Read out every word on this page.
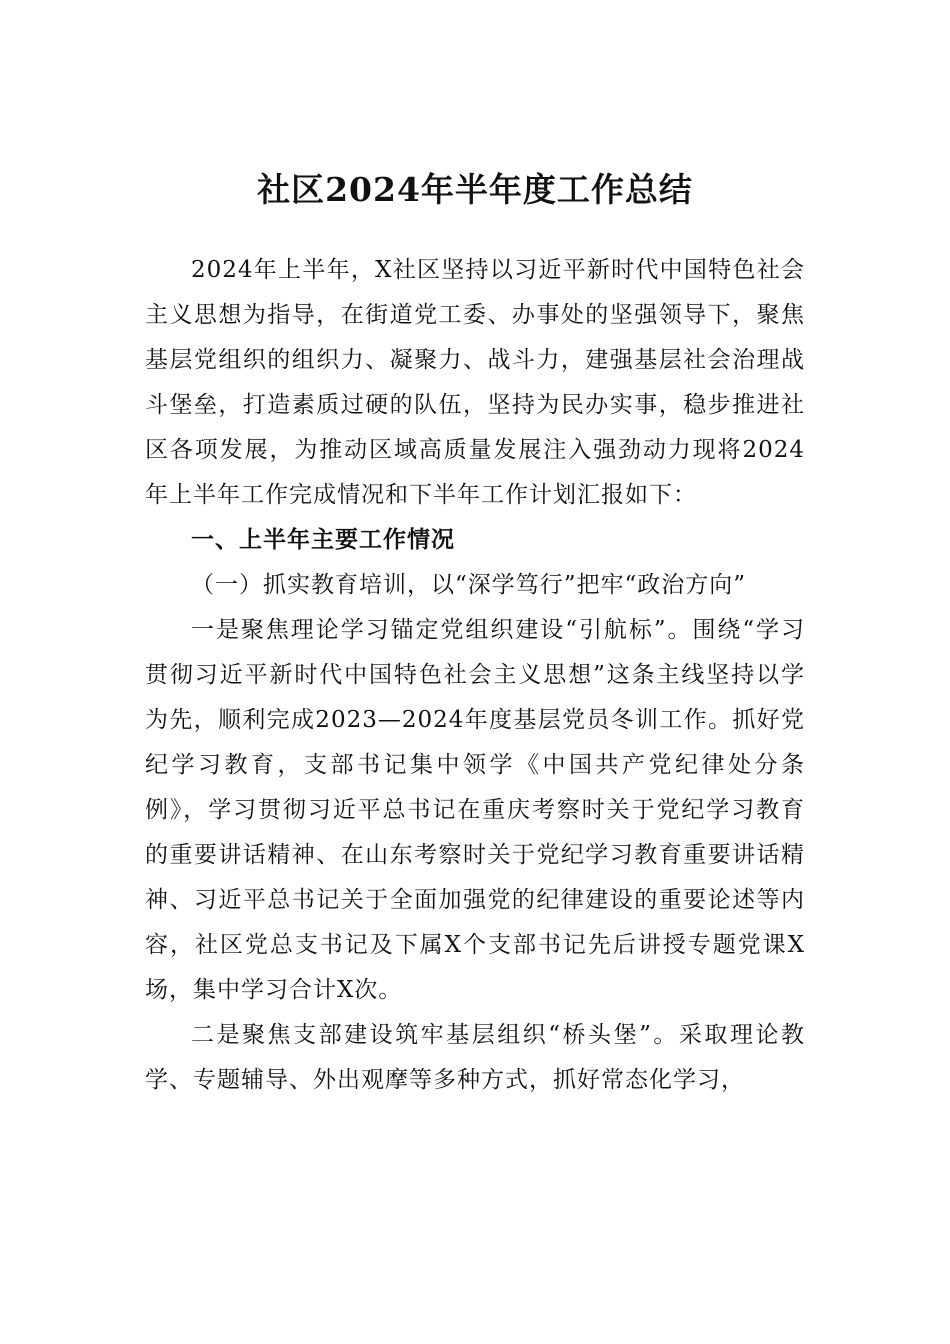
社区2024年半年度工作总结

2024年上半年，X社区坚持以习近平新时代中国特色社会主义思想为指导，在街道党工委、办事处的坚强领导下，聚焦基层党组织的组织力、凝聚力、战斗力，建强基层社会治理战斗堡垒，打造素质过硬的队伍，坚持为民办实事，稳步推进社区各项发展，为推动区域高质量发展注入强劲动力现将2024年上半年工作完成情况和下半年工作计划汇报如下：

一、上半年主要工作情况

（一）抓实教育培训，以“深学笃行”把牢“政治方向”

一是聚焦理论学习锚定党组织建设“引航标”。围绕“学习贯彻习近平新时代中国特色社会主义思想”这条主线坚持以学为先，顺利完成2023—2024年度基层党员冬训工作。抓好党纪学习教育，支部书记集中领学《中国共产党纪律处分条例》，学习贯彻习近平总书记在重庆考察时关于党纪学习教育的重要讲话精神、在山东考察时关于党纪学习教育重要讲话精神、习近平总书记关于全面加强党的纪律建设的重要论述等内容，社区党总支书记及下属X个支部书记先后讲授专题党课X场，集中学习合计X次。

二是聚焦支部建设筑牢基层组织“桥头堡”。采取理论教学、专题辅导、外出观摩等多种方式，抓好常态化学习，
